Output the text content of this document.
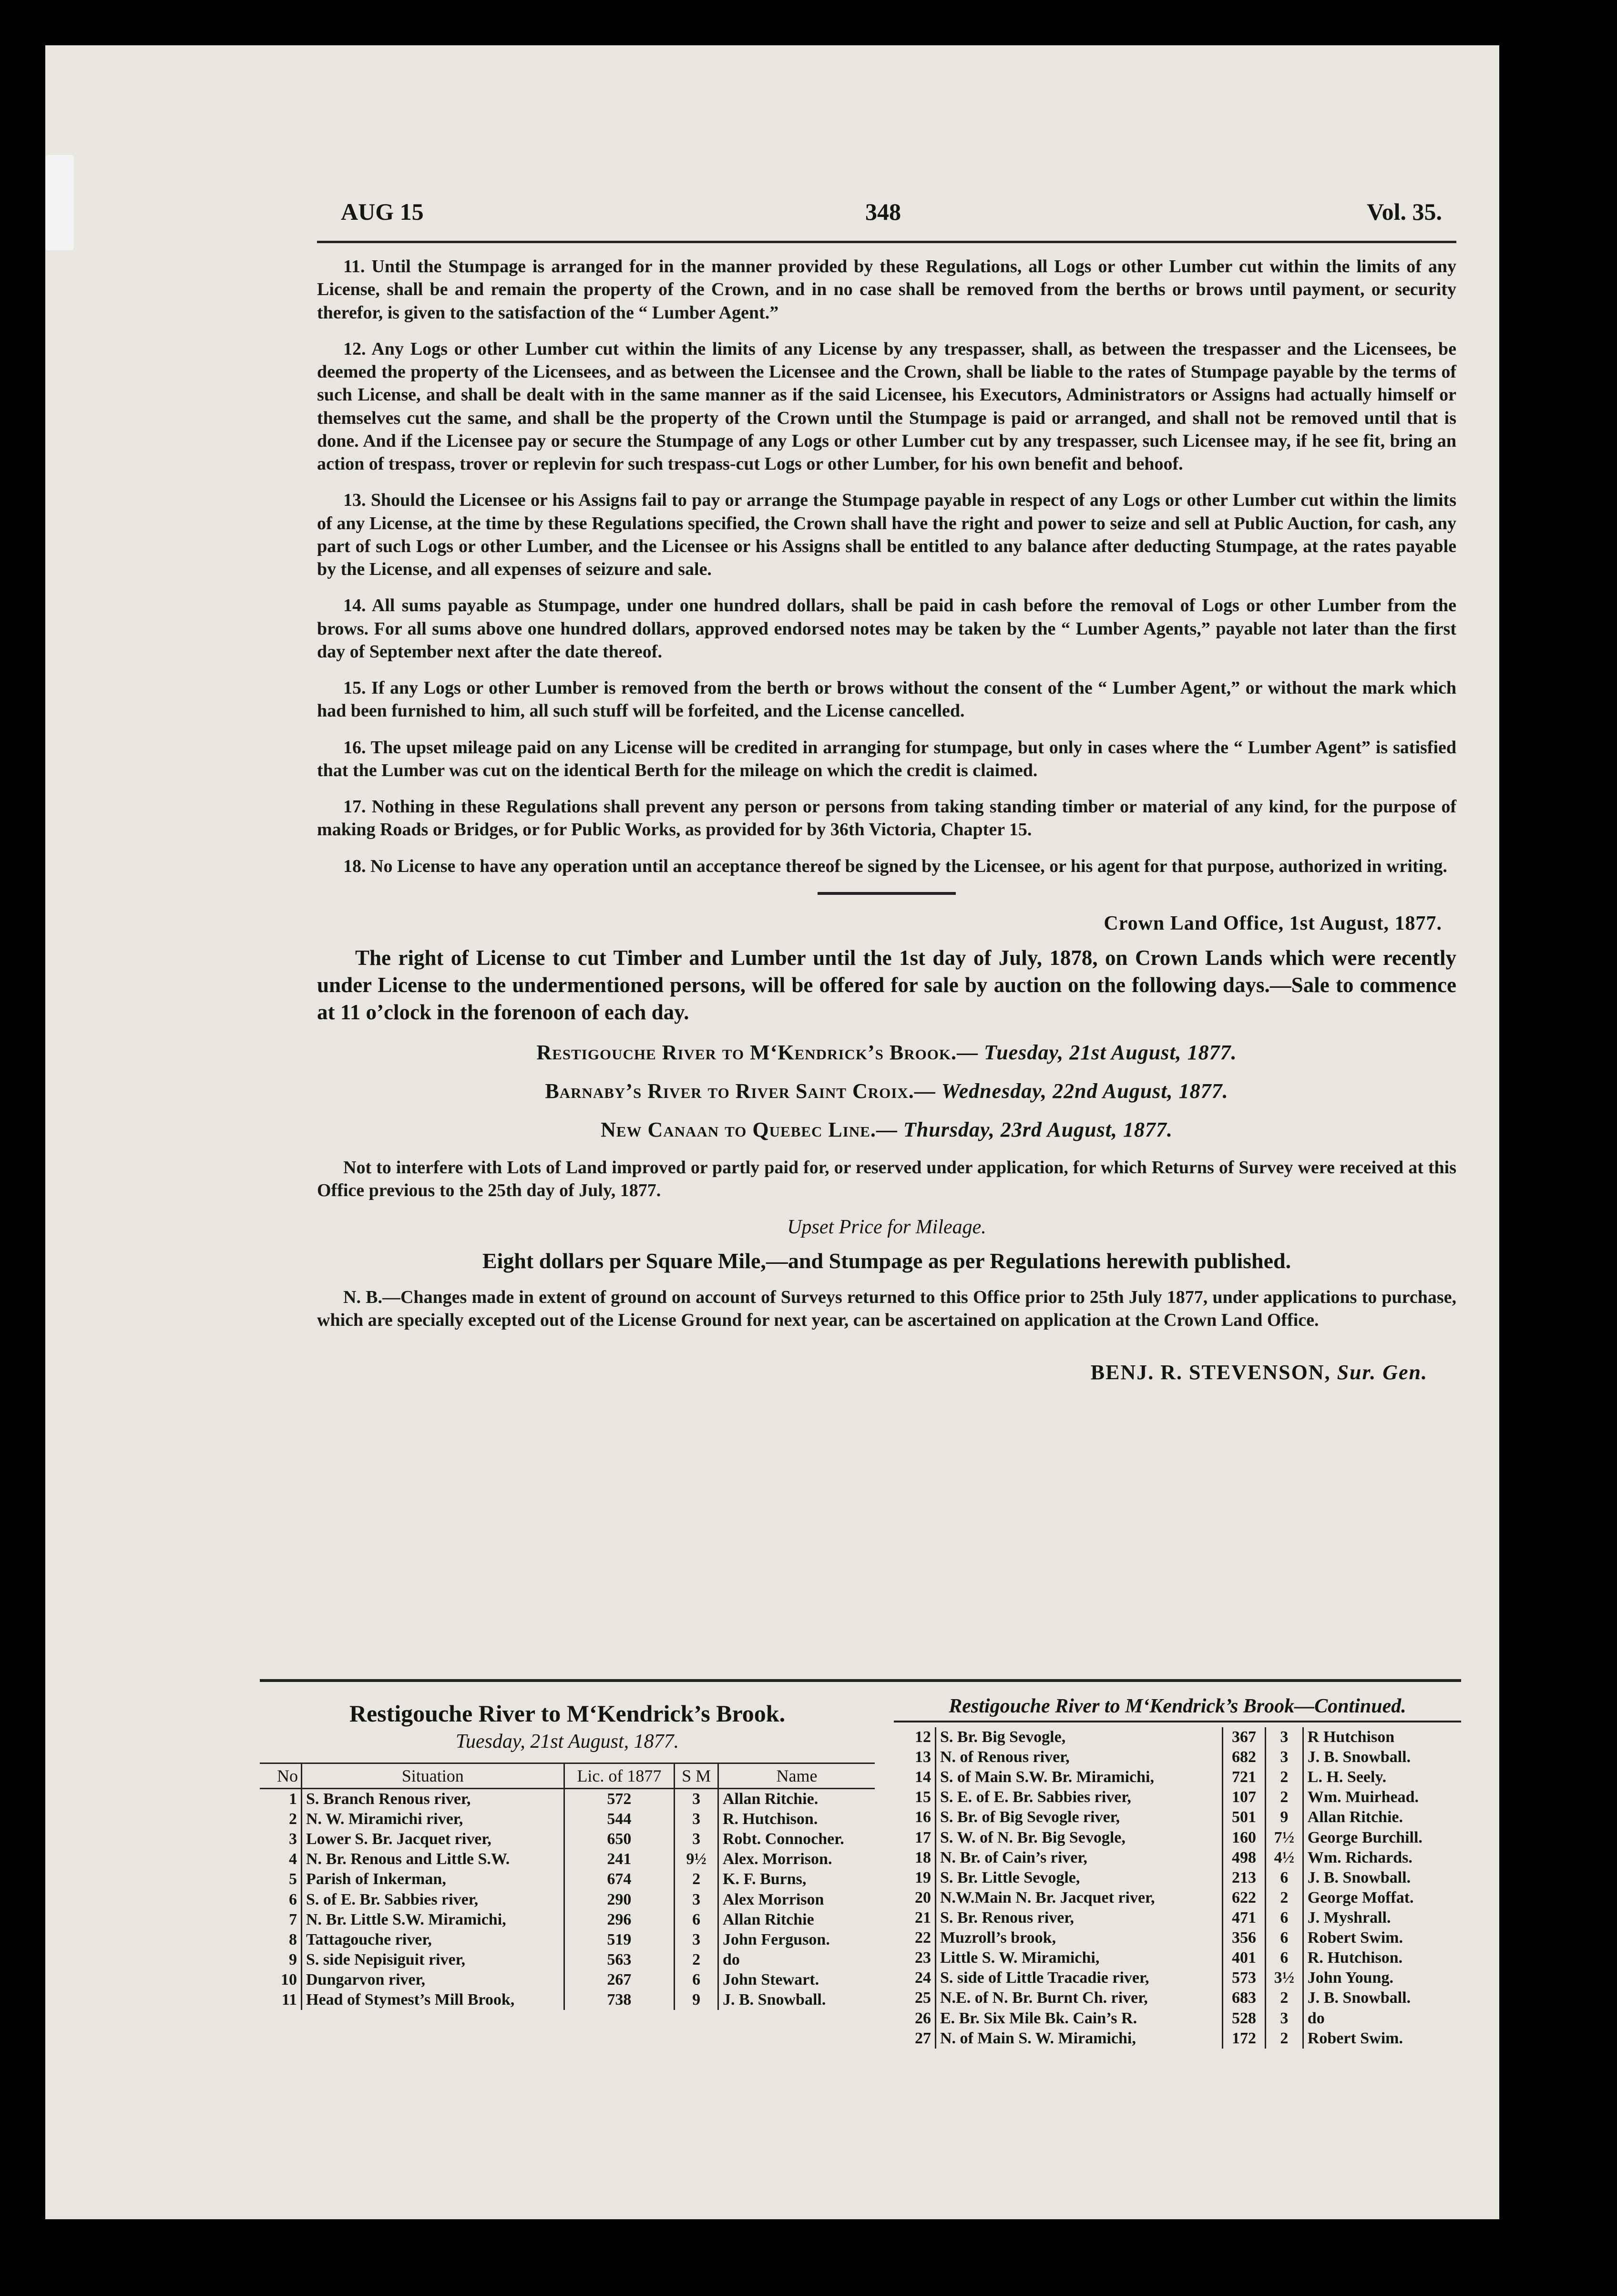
AUG 15	348	Vol. 35.

11. Until the Stumpage is arranged for in the manner provided by these Regulations, all Logs or other Lumber cut within the limits of any License, shall be and remain the property of the Crown, and in no case shall be removed from the berths or brows until payment, or security therefor, is given to the satisfaction of the “ Lumber Agent.”

12. Any Logs or other Lumber cut within the limits of any License by any trespasser, shall, as between the trespasser and the Licensees, be deemed the property of the Licensees, and as between the Licensee and the Crown, shall be liable to the rates of Stumpage payable by the terms of such License, and shall be dealt with in the same manner as if the said Licensee, his Executors, Administrators or Assigns had actually himself or themselves cut the same, and shall be the property of the Crown until the Stumpage is paid or arranged, and shall not be removed until that is done. And if the Licensee pay or secure the Stumpage of any Logs or other Lumber cut by any trespasser, such Licensee may, if he see fit, bring an action of trespass, trover or replevin for such trespass-cut Logs or other Lumber, for his own benefit and behoof.

13. Should the Licensee or his Assigns fail to pay or arrange the Stumpage payable in respect of any Logs or other Lumber cut within the limits of any License, at the time by these Regulations specified, the Crown shall have the right and power to seize and sell at Public Auction, for cash, any part of such Logs or other Lumber, and the Licensee or his Assigns shall be entitled to any balance after deducting Stumpage, at the rates payable by the License, and all expenses of seizure and sale.

14. All sums payable as Stumpage, under one hundred dollars, shall be paid in cash before the removal of Logs or other Lumber from the brows. For all sums above one hundred dollars, approved endorsed notes may be taken by the “ Lumber Agents,” payable not later than the first day of September next after the date thereof.

15. If any Logs or other Lumber is removed from the berth or brows without the consent of the “ Lumber Agent,” or without the mark which had been furnished to him, all such stuff will be forfeited, and the License cancelled.

16. The upset mileage paid on any License will be credited in arranging for stumpage, but only in cases where the “ Lumber Agent” is satisfied that the Lumber was cut on the identical Berth for the mileage on which the credit is claimed.

17. Nothing in these Regulations shall prevent any person or persons from taking standing timber or material of any kind, for the purpose of making Roads or Bridges, or for Public Works, as provided for by 36th Victoria, Chapter 15.

18. No License to have any operation until an acceptance thereof be signed by the Licensee, or his agent for that purpose, authorized in writing.

Crown Land Office, 1st August, 1877.

The right of License to cut Timber and Lumber until the 1st day of July, 1878, on Crown Lands which were recently under License to the undermentioned persons, will be offered for sale by auction on the following days.—Sale to commence at 11 o’clock in the forenoon of each day.

Restigouche River to M‘Kendrick’s Brook.— Tuesday, 21st August, 1877.
Barnaby’s River to River Saint Croix.— Wednesday, 22nd August, 1877.
New Canaan to Quebec Line.— Thursday, 23rd August, 1877.

Not to interfere with Lots of Land improved or partly paid for, or reserved under application, for which Returns of Survey were received at this Office previous to the 25th day of July, 1877.

Upset Price for Mileage.
Eight dollars per Square Mile,—and Stumpage as per Regulations herewith published.

N. B.—Changes made in extent of ground on account of Surveys returned to this Office prior to 25th July 1877, under applications to purchase, which are specially excepted out of the License Ground for next year, can be ascertained on application at the Crown Land Office.

BENJ. R. STEVENSON, Sur. Gen.
Restigouche River to M‘Kendrick’s Brook.
Tuesday, 21st August, 1877.
No	Situation	Lic. of 1877	S M	Name
1	S. Branch Renous river,	572	3	Allan Ritchie.
2	N. W. Miramichi river,	544	3	R. Hutchison.
3	Lower S. Br. Jacquet river,	650	3	Robt. Connocher.
4	N. Br. Renous and Little S.W.	241	9½	Alex. Morrison.
5	Parish of Inkerman,	674	2	K. F. Burns,
6	S. of E. Br. Sabbies river,	290	3	Alex Morrison
7	N. Br. Little S.W. Miramichi,	296	6	Allan Ritchie
8	Tattagouche river,	519	3	John Ferguson.
9	S. side Nepisiguit river,	563	2	do
10	Dungarvon river,	267	6	John Stewart.
11	Head of Stymest’s Mill Brook,	738	9	J. B. Snowball.
Restigouche River to M‘Kendrick’s Brook—Continued.
12	S. Br. Big Sevogle,	367	3	R Hutchison
13	N. of Renous river,	682	3	J. B. Snowball.
14	S. of Main S.W. Br. Miramichi,	721	2	L. H. Seely.
15	S. E. of E. Br. Sabbies river,	107	2	Wm. Muirhead.
16	S. Br. of Big Sevogle river,	501	9	Allan Ritchie.
17	S. W. of N. Br. Big Sevogle,	160	7½	George Burchill.
18	N. Br. of Cain’s river,	498	4½	Wm. Richards.
19	S. Br. Little Sevogle,	213	6	J. B. Snowball.
20	N.W.Main N. Br. Jacquet river,	622	2	George Moffat.
21	S. Br. Renous river,	471	6	J. Myshrall.
22	Muzroll’s brook,	356	6	Robert Swim.
23	Little S. W. Miramichi,	401	6	R. Hutchison.
24	S. side of Little Tracadie river,	573	3½	John Young.
25	N.E. of N. Br. Burnt Ch. river,	683	2	J. B. Snowball.
26	E. Br. Six Mile Bk. Cain’s R.	528	3	do
27	N. of Main S. W. Miramichi,	172	2	Robert Swim.
